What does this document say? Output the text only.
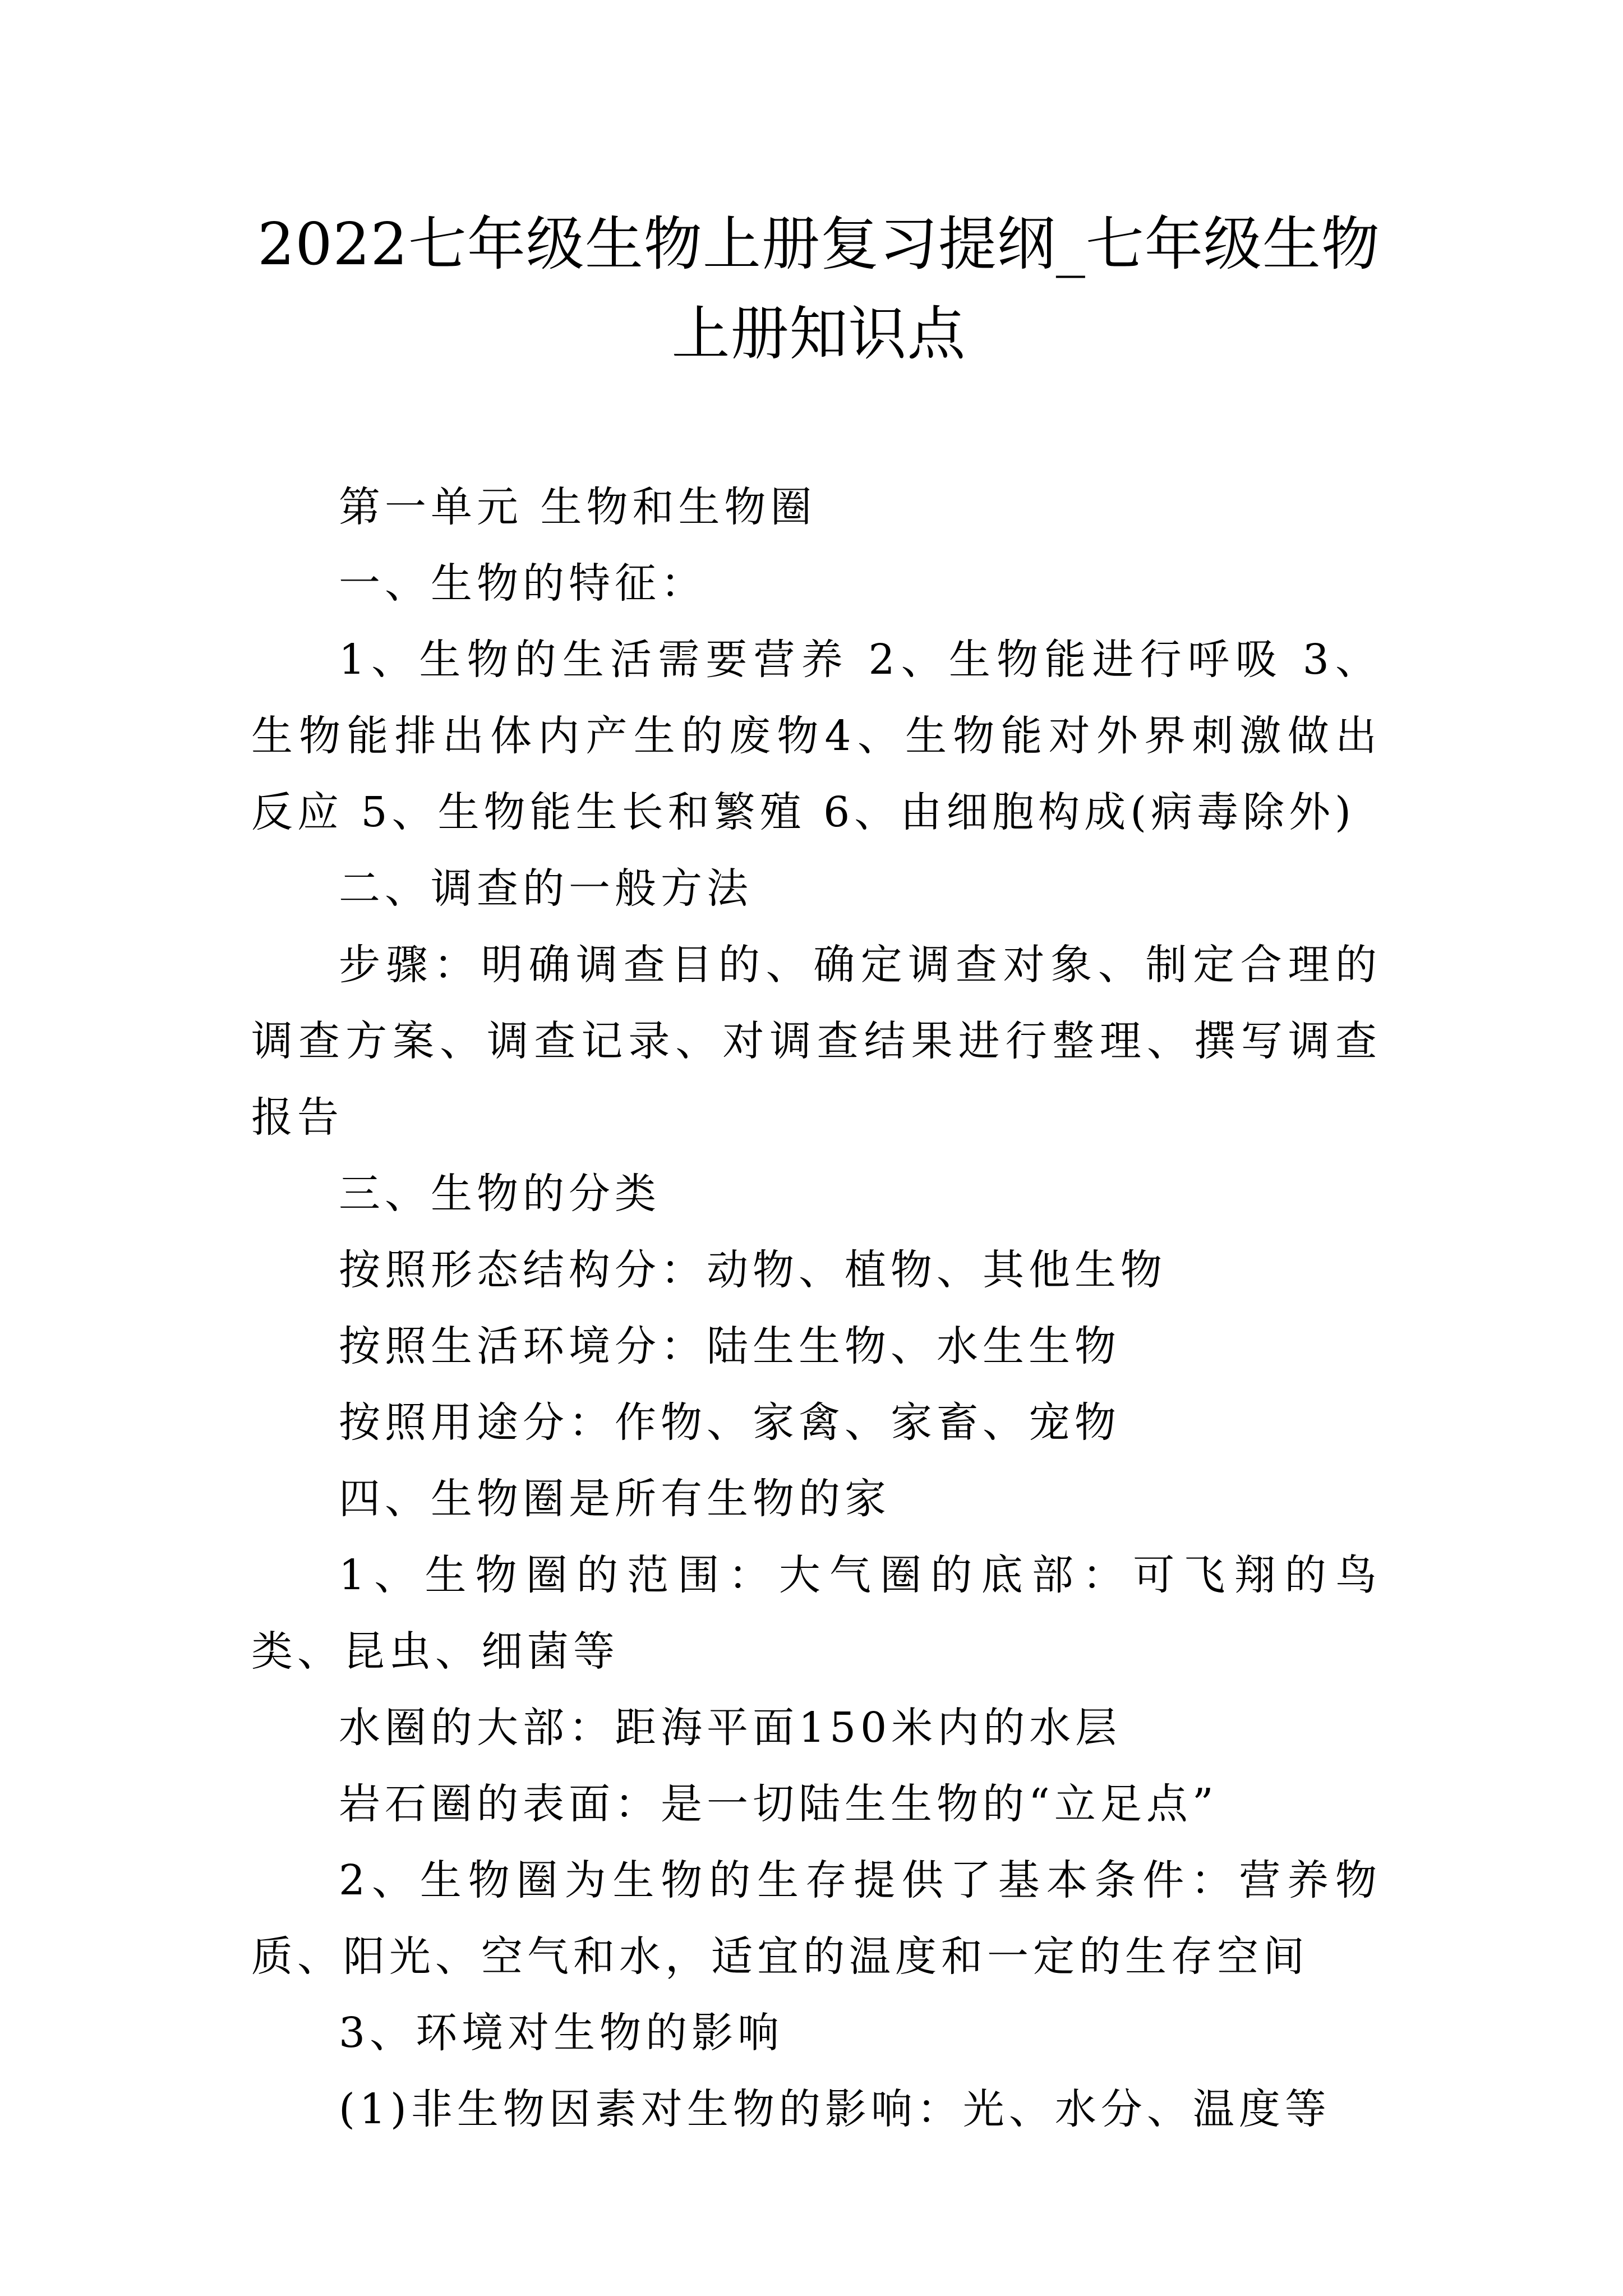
2022七年级生物上册复习提纲_七年级生物上册知识点

第一单元 生物和生物圈

一、生物的特征：

1、生物的生活需要营养 2、生物能进行呼吸 3、生物能排出体内产生的废物4、生物能对外界刺激做出反应 5、生物能生长和繁殖 6、由细胞构成(病毒除外)

二、调查的一般方法

步骤：明确调查目的、确定调查对象、制定合理的调查方案、调查记录、对调查结果进行整理、撰写调查报告

三、生物的分类

按照形态结构分：动物、植物、其他生物

按照生活环境分：陆生生物、水生生物

按照用途分：作物、家禽、家畜、宠物

四、生物圈是所有生物的家

1、生物圈的范围：大气圈的底部：可飞翔的鸟类、昆虫、细菌等

水圈的大部：距海平面150米内的水层

岩石圈的表面：是一切陆生生物的“立足点”

2、生物圈为生物的生存提供了基本条件：营养物质、阳光、空气和水，适宜的温度和一定的生存空间

3、环境对生物的影响

(1)非生物因素对生物的影响：光、水分、温度等
